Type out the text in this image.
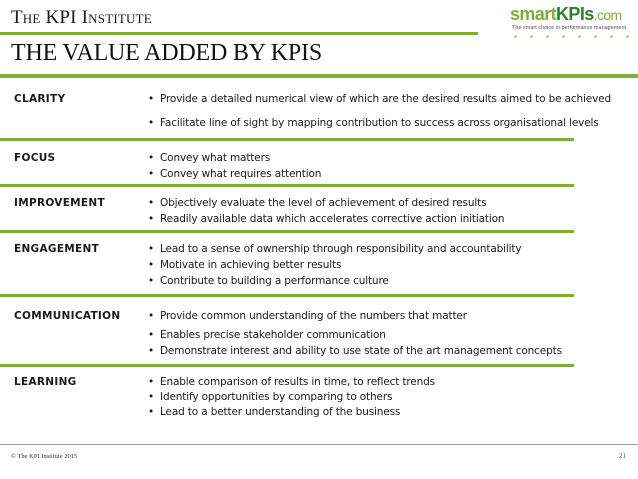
The KPI Institute	smartKPIs.com
The smart choice in performance management
THE VALUE ADDED BY KPIS
CLARITY	• Provide a detailed numerical view of which are the desired results aimed to be achieved
• Facilitate line of sight by mapping contribution to success across organisational levels
FOCUS	• Convey what matters
• Convey what requires attention
IMPROVEMENT	• Objectively evaluate the level of achievement of desired results
• Readily available data which accelerates corrective action initiation
ENGAGEMENT	• Lead to a sense of ownership through responsibility and accountability
• Motivate in achieving better results
• Contribute to building a performance culture
COMMUNICATION	• Provide common understanding of the numbers that matter
• Enables precise stakeholder communication
• Demonstrate interest and ability to use state of the art management concepts
LEARNING	• Enable comparison of results in time, to reflect trends
• Identify opportunities by comparing to others
• Lead to a better understanding of the business
© The KPI Institute 2015	21
